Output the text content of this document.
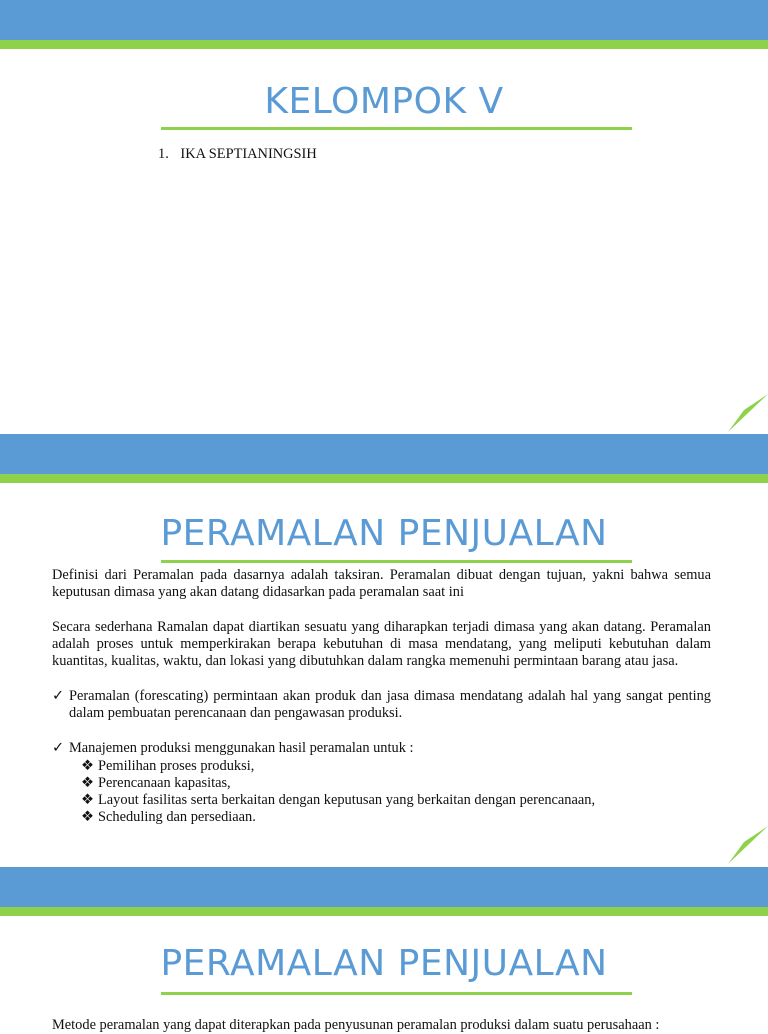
KELOMPOK V
1. IKA SEPTIANINGSIH
PERAMALAN PENJUALAN
Definisi dari Peramalan pada dasarnya adalah taksiran. Peramalan dibuat dengan tujuan, yakni bahwa semua keputusan dimasa yang akan datang didasarkan pada peramalan saat ini
Secara sederhana Ramalan dapat diartikan sesuatu yang diharapkan terjadi dimasa yang akan datang. Peramalan adalah proses untuk memperkirakan berapa kebutuhan di masa mendatang, yang meliputi kebutuhan dalam kuantitas, kualitas, waktu, dan lokasi yang dibutuhkan dalam rangka memenuhi permintaan barang atau jasa.
✓ Peramalan (forescating) permintaan akan produk dan jasa dimasa mendatang adalah hal yang sangat penting dalam pembuatan perencanaan dan pengawasan produksi.
✓ Manajemen produksi menggunakan hasil peramalan untuk :
❖ Pemilihan proses produksi,
❖ Perencanaan kapasitas,
❖ Layout fasilitas serta berkaitan dengan keputusan yang berkaitan dengan perencanaan,
❖ Scheduling dan persediaan.
PERAMALAN PENJUALAN
Metode peramalan yang dapat diterapkan pada penyusunan peramalan produksi dalam suatu perusahaan :
